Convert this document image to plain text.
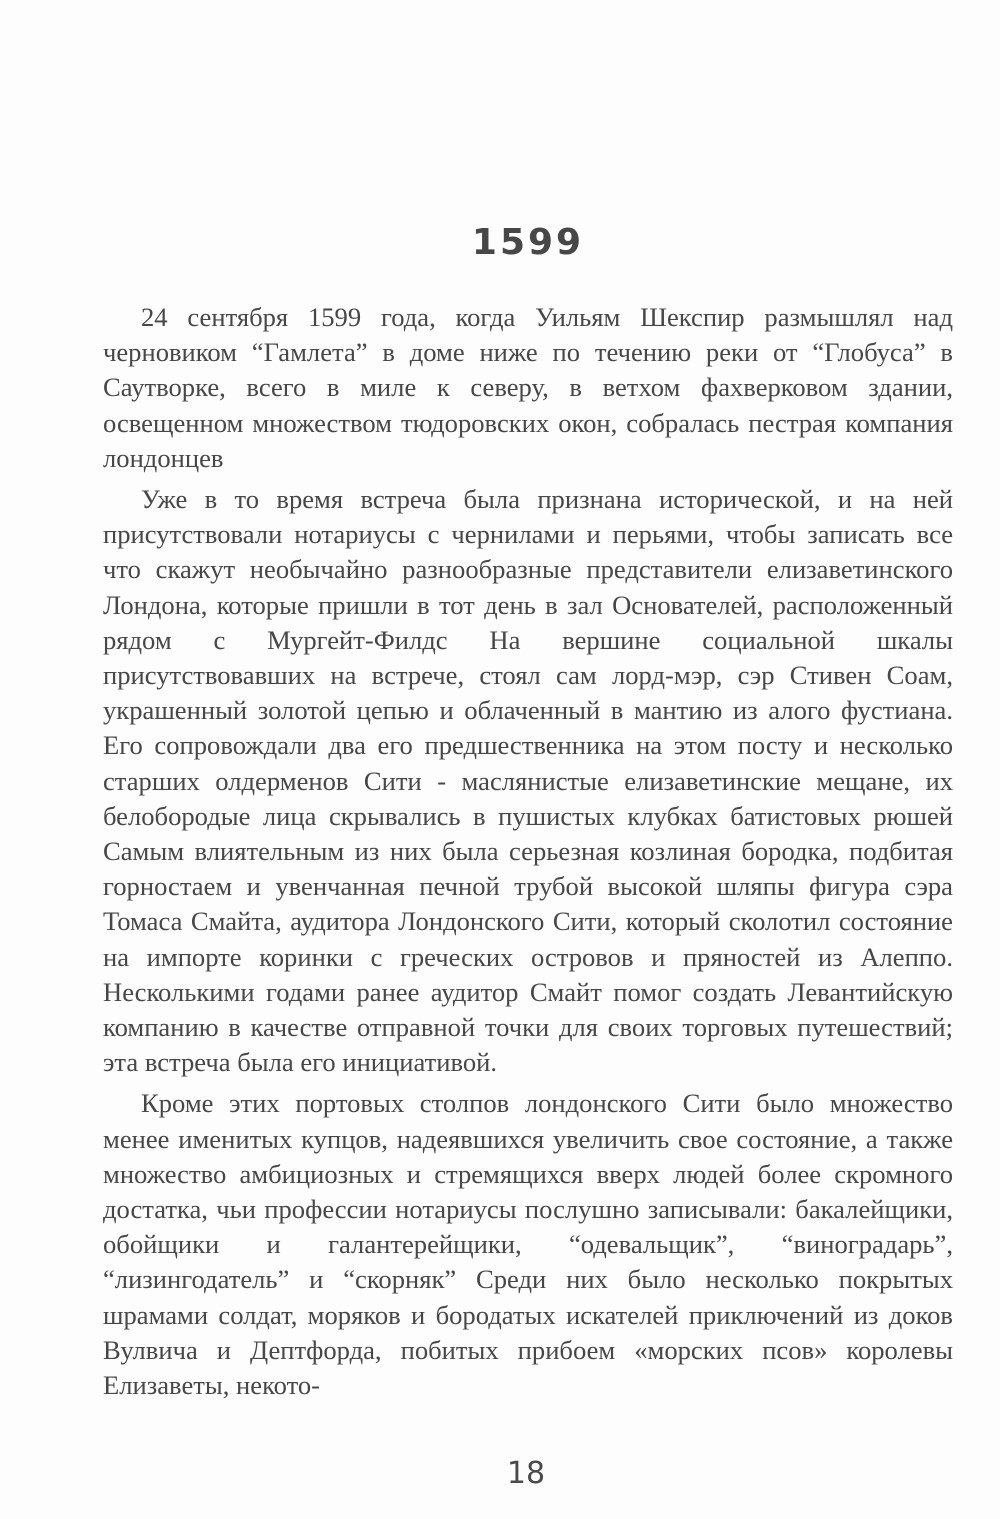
1599

24 сентября 1599 года, когда Уильям Шекспир размышлял над черновиком “Гамлета” в доме ниже по течению реки от “Глобуса” в Саутворке, всего в миле к северу, в ветхом фахверковом здании, освещенном множеством тюдоровских окон, собралась пестрая компания лондонцев

Уже в то время встреча была признана исторической, и на ней присутствовали нотариусы с чернилами и перьями, чтобы записать все что скажут необычайно разнообразные представители елизаветинского Лондона, которые пришли в тот день в зал Основателей, расположенный рядом с Мургейт-Филдс На вершине социальной шкалы присутствовавших на встрече, стоял сам лорд-мэр, сэр Стивен Соам, украшенный золотой цепью и облаченный в мантию из алого фустиана. Его сопровождали два его предшественника на этом посту и несколько старших олдерменов Сити - маслянистые елизаветинские мещане, их белобородые лица скрывались в пушистых клубках батистовых рюшей Самым влиятельным из них была серьезная козлиная бородка, подбитая горностаем и увенчанная печной трубой высокой шляпы фигура сэра Томаса Смайта, аудитора Лондонского Сити, который сколотил состояние на импорте коринки с греческих островов и пряностей из Алеппо. Несколькими годами ранее аудитор Смайт помог создать Левантийскую компанию в качестве отправной точки для своих торговых путешествий; эта встреча была его инициативой.

Кроме этих портовых столпов лондонского Сити было множество менее именитых купцов, надеявшихся увеличить свое состояние, а также множество амбициозных и стремящихся вверх людей более скромного достатка, чьи профессии нотариусы послушно записывали: бакалейщики, обойщики и галантерейщики, “одевальщик”, “виноградарь”, “лизингодатель” и “скорняк” Среди них было несколько покрытых шрамами солдат, моряков и бородатых искателей приключений из доков Вулвича и Дептфорда, побитых прибоем «морских псов» королевы Елизаветы, некото-

18
